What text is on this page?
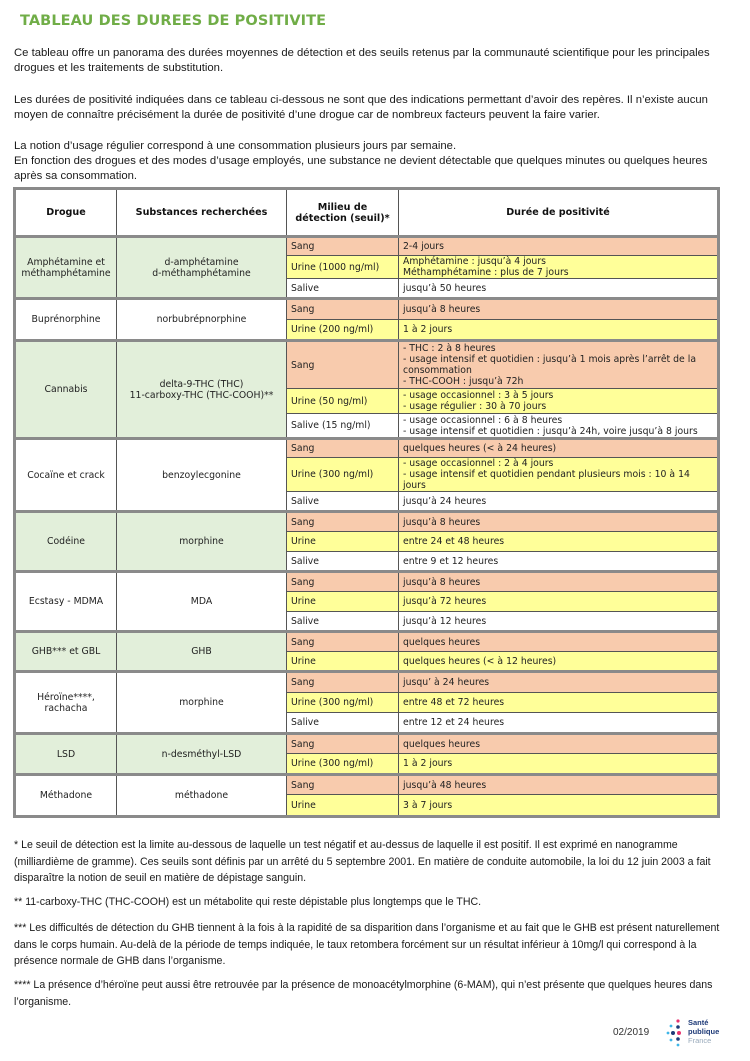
TABLEAU DES DUREES DE POSITIVITE

Ce tableau offre un panorama des durées moyennes de détection et des seuils retenus par la communauté scientifique pour les principales drogues et les traitements de substitution.

Les durées de positivité indiquées dans ce tableau ci-dessous ne sont que des indications permettant d’avoir des repères. Il n’existe aucun moyen de connaître précisément la durée de positivité d’une drogue car de nombreux facteurs peuvent la faire varier.

La notion d’usage régulier correspond à une consommation plusieurs jours par semaine.

En fonction des drogues et des modes d’usage employés, une substance ne devient détectable que quelques minutes ou quelques heures après sa consommation.

Drogue	Substances recherchées	Milieu de détection (seuil)*	Durée de positivité
Amphétamine et méthamphétamine	d-amphétamine
d-méthamphétamine	Sang	2-4 jours

		Urine (1000 ng/ml)	Amphétamine : jusqu’à 4 jours
Méthamphétamine : plus de 7 jours

		Salive	jusqu’à 50 heures

Buprénorphine	norbubrépnorphine	Sang	jusqu’à 8 heures

		Urine (200 ng/ml)	1 à 2 jours

Cannabis	delta-9-THC (THC)
11-carboxy-THC (THC-COOH)**	Sang	- THC : 2 à 8 heures
- usage intensif et quotidien : jusqu’à 1 mois après l’arrêt de la consommation
- THC-COOH : jusqu’à 72h

		Urine (50 ng/ml)	- usage occasionnel : 3 à 5 jours
- usage régulier : 30 à 70 jours

		Salive (15 ng/ml)	- usage occasionnel : 6 à 8 heures
- usage intensif et quotidien : jusqu’à 24h, voire jusqu’à 8 jours

Cocaïne et crack	benzoylecgonine	Sang	quelques heures (< à 24 heures)

		Urine (300 ng/ml)	- usage occasionnel : 2 à 4 jours
- usage intensif et quotidien pendant plusieurs mois : 10 à 14 jours

		Salive	jusqu’à 24 heures

Codéine	morphine	Sang	jusqu’à 8 heures

		Urine	entre 24 et 48 heures

		Salive	entre 9 et 12 heures

Ecstasy - MDMA	MDA	Sang	jusqu’à 8 heures

		Urine	jusqu’à 72 heures

		Salive	jusqu’à 12 heures

GHB*** et GBL	GHB	Sang	quelques heures

		Urine	quelques heures (< à 12 heures)

Héroïne****, rachacha	morphine	Sang	jusqu’ à 24 heures

		Urine (300 ng/ml)	entre 48 et 72 heures

		Salive	entre 12 et 24 heures

LSD	n-desméthyl-LSD	Sang	quelques heures

		Urine (300 ng/ml)	1 à 2 jours

Méthadone	méthadone	Sang	jusqu’à 48 heures

		Urine	3 à 7 jours

* Le seuil de détection est la limite au-dessous de laquelle un test négatif et au-dessus de laquelle il est positif. Il est exprimé en nanogramme (milliardième de gramme). Ces seuils sont définis par un arrêté du 5 septembre 2001. En matière de conduite automobile, la loi du 12 juin 2003 a fait disparaître la notion de seuil en matière de dépistage sanguin.

** 11-carboxy-THC (THC-COOH) est un métabolite qui reste dépistable plus longtemps que le THC.

*** Les difficultés de détection du GHB tiennent à la fois à la rapidité de sa disparition dans l’organisme et au fait que le GHB est présent naturellement dans le corps humain. Au-delà de la période de temps indiquée, le taux retombera forcément sur un résultat inférieur à 10mg/l qui correspond à la présence normale de GHB dans l’organisme.

**** La présence d’héroïne peut aussi être retrouvée par la présence de monoacétylmorphine (6-MAM), qui n’est présente que quelques heures dans l’organisme.

02/2019
Santé
publique
France
